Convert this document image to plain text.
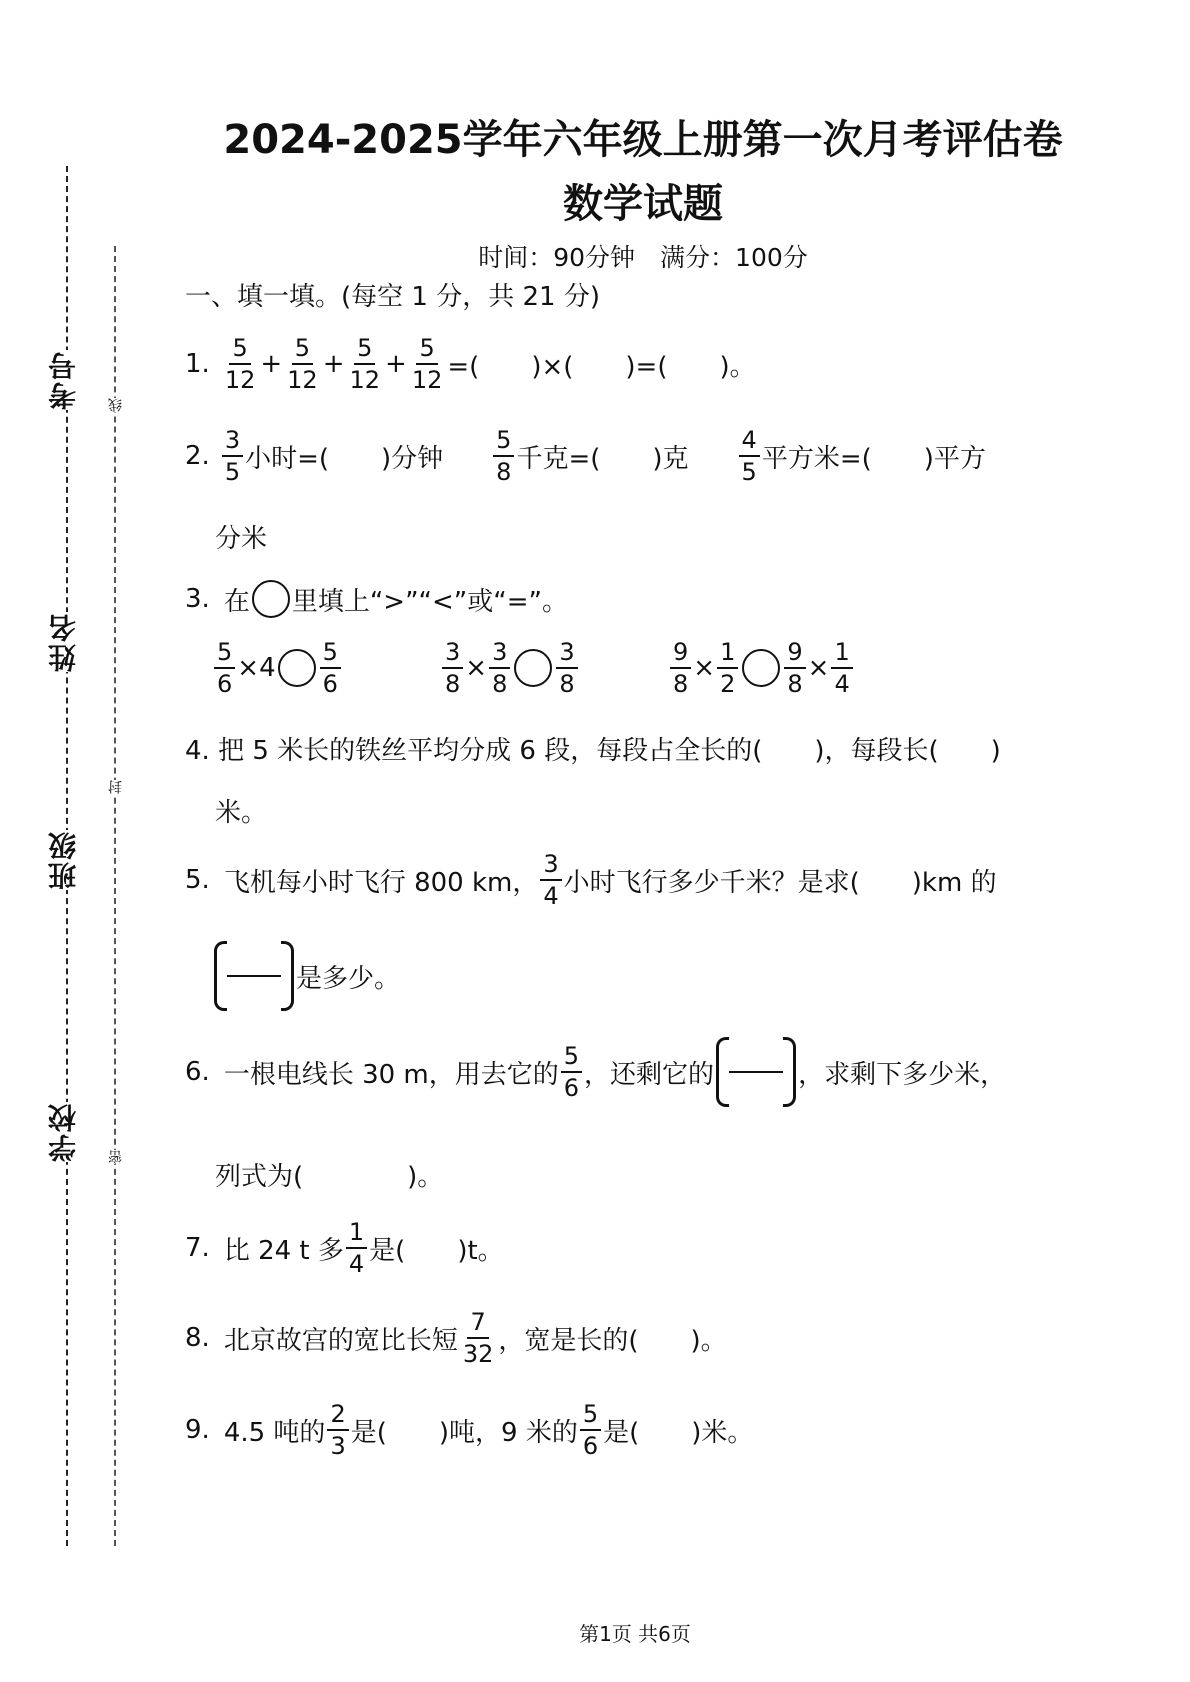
考号
姓名
班级
学校
线
封
密
2024-2025学年六年级上册第一次月考评估卷
数学试题
时间：90分钟　满分：100分
一、填一填。(每空 1 分，共 21 分)
1. $\frac{5}{12} + \frac{5}{12} + \frac{5}{12} + \frac{5}{12}$ =(　　)×(　　)=(　　)。
2. $\frac{3}{5}$ 小时=(　　)分钟 $\frac{5}{8}$ 千克=(　　)克 $\frac{4}{5}$ 平方米=(　　)平方
分米
3. 在 里填上“>”“<”或“=”。
$\frac{5}{6} \times 4 \frac{5}{6}$	$\frac{3}{8} \times \frac{3}{8} \frac{3}{8}$	$\frac{9}{8} \times \frac{1}{2} \frac{9}{8} \times \frac{1}{4}$
4. 把 5 米长的铁丝平均分成 6 段，每段占全长的(　　)，每段长(　　)
米。
5. 飞机每小时飞行 800 km， $\frac{3}{4}$ 小时飞行多少千米？是求(　　)km 的
是多少。
6. 一根电线长 30 m，用去它的 $\frac{5}{6}$ ，还剩它的	，求剩下多少米，
列式为(　　　　)。
7. 比 24 t 多 $\frac{1}{4}$ 是(　　)t。
8. 北京故宫的宽比长短 $\frac{7}{32}$ ，宽是长的(　　)。
9. 4.5 吨的 $\frac{2}{3}$ 是(　　)吨，9 米的 $\frac{5}{6}$ 是(　　)米。
第1页 共6页
